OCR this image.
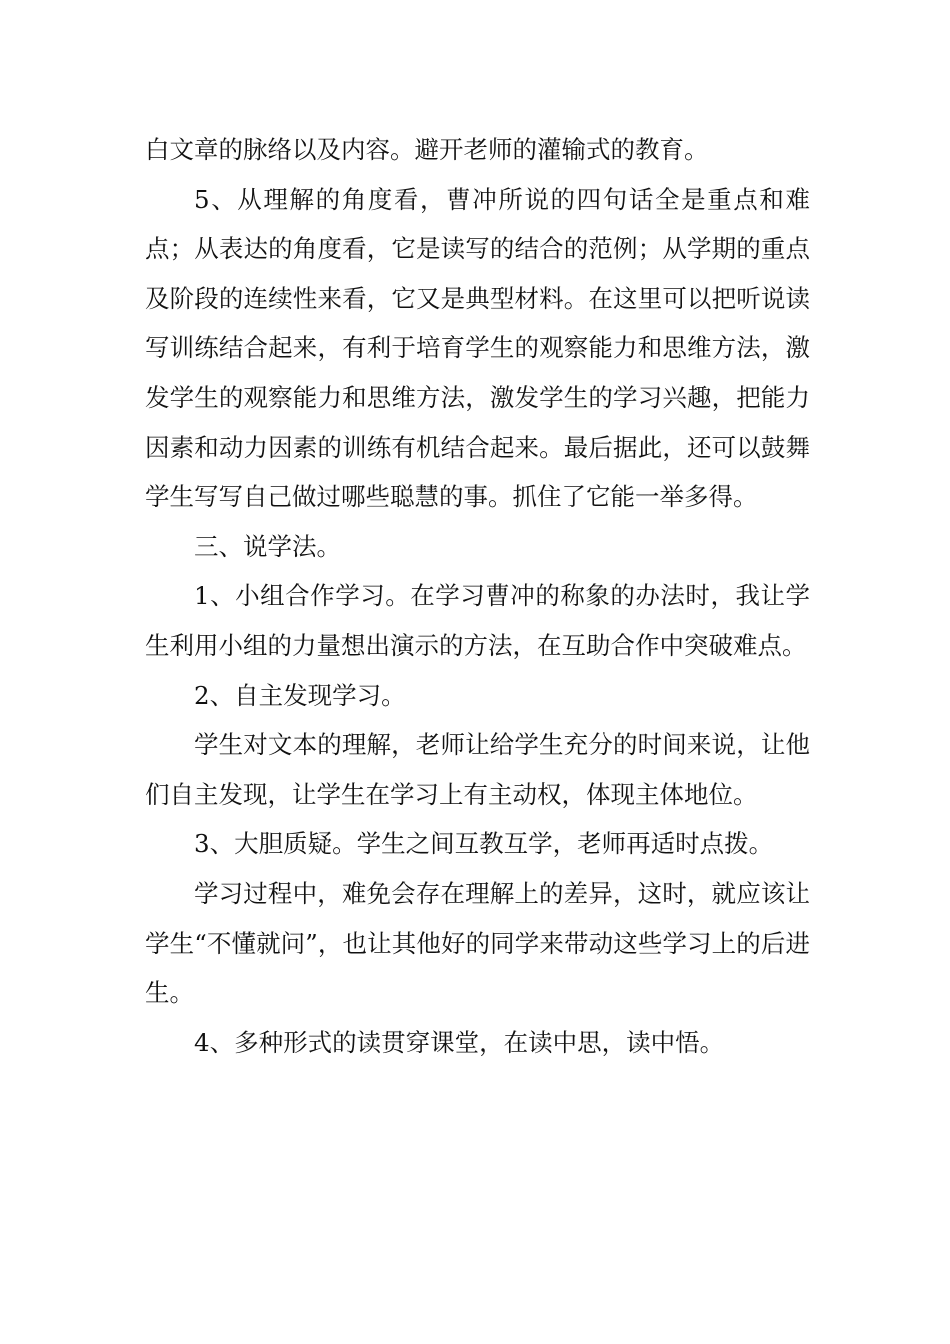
白文章的脉络以及内容。避开老师的灌输式的教育。

5、从理解的角度看，曹冲所说的四句话全是重点和难点；从表达的角度看，它是读写的结合的范例；从学期的重点及阶段的连续性来看，它又是典型材料。在这里可以把听说读写训练结合起来，有利于培育学生的观察能力和思维方法，激发学生的观察能力和思维方法，激发学生的学习兴趣，把能力因素和动力因素的训练有机结合起来。最后据此，还可以鼓舞学生写写自己做过哪些聪慧的事。抓住了它能一举多得。

三、说学法。

1、小组合作学习。在学习曹冲的称象的办法时，我让学生利用小组的力量想出演示的方法，在互助合作中突破难点。

2、自主发现学习。

学生对文本的理解，老师让给学生充分的时间来说，让他们自主发现，让学生在学习上有主动权，体现主体地位。

3、大胆质疑。学生之间互教互学，老师再适时点拨。

学习过程中，难免会存在理解上的差异，这时，就应该让学生“不懂就问”，也让其他好的同学来带动这些学习上的后进生。

4、多种形式的读贯穿课堂，在读中思，读中悟。
